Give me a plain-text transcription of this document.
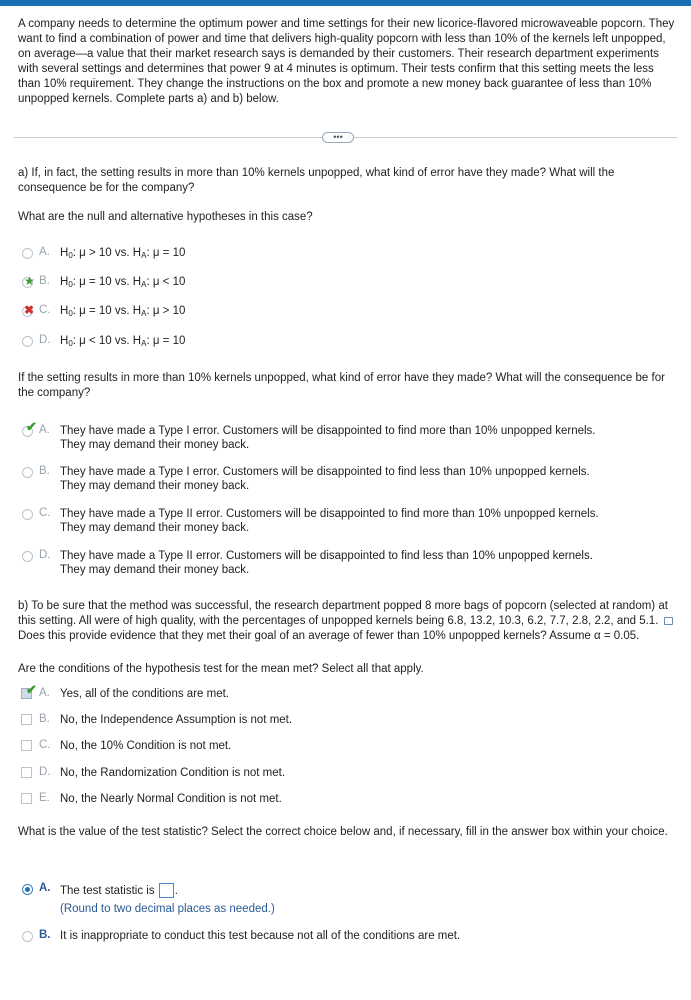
A company needs to determine the optimum power and time settings for their new licorice-flavored microwaveable popcorn. They want to find a combination of power and time that delivers high-quality popcorn with less than 10% of the kernels left unpopped, on average—a value that their market research says is demanded by their customers. Their research department experiments with several settings and determines that power 9 at 4 minutes is optimum. Their tests confirm that this setting meets the less than 10% requirement. They change the instructions on the box and promote a new money back guarantee of less than 10% unpopped kernels. Complete parts a) and b) below.
•••
a) If, in fact, the setting results in more than 10% kernels unpopped, what kind of error have they made? What will the consequence be for the company?
What are the null and alternative hypotheses in this case?
A. $H_0$: μ > 10 vs. $H_A$: μ = 10
★ B. $H_0$: μ = 10 vs. $H_A$: μ < 10
✖ C. $H_0$: μ = 10 vs. $H_A$: μ > 10
D. $H_0$: μ < 10 vs. $H_A$: μ = 10
If the setting results in more than 10% kernels unpopped, what kind of error have they made? What will the consequence be for the company?
✔ A. They have made a Type I error. Customers will be disappointed to find more than 10% unpopped kernels.
They may demand their money back.
B. They have made a Type I error. Customers will be disappointed to find less than 10% unpopped kernels.
They may demand their money back.
C. They have made a Type II error. Customers will be disappointed to find more than 10% unpopped kernels.
They may demand their money back.
D. They have made a Type II error. Customers will be disappointed to find less than 10% unpopped kernels.
They may demand their money back.
b) To be sure that the method was successful, the research department popped 8 more bags of popcorn (selected at random) at this setting. All were of high quality, with the percentages of unpopped kernels being 6.8, 13.2, 10.3, 6.2, 7.7, 2.8, 2.2, and 5.1.  Does this provide evidence that they met their goal of an average of fewer than 10% unpopped kernels? Assume α = 0.05.
Are the conditions of the hypothesis test for the mean met? Select all that apply.
✔ A. Yes, all of the conditions are met.
B. No, the Independence Assumption is not met.
C. No, the 10% Condition is not met.
D. No, the Randomization Condition is not met.
E. No, the Nearly Normal Condition is not met.
What is the value of the test statistic? Select the correct choice below and, if necessary, fill in the answer box within your choice.
A. The test statistic is .
(Round to two decimal places as needed.)
B. It is inappropriate to conduct this test because not all of the conditions are met.
